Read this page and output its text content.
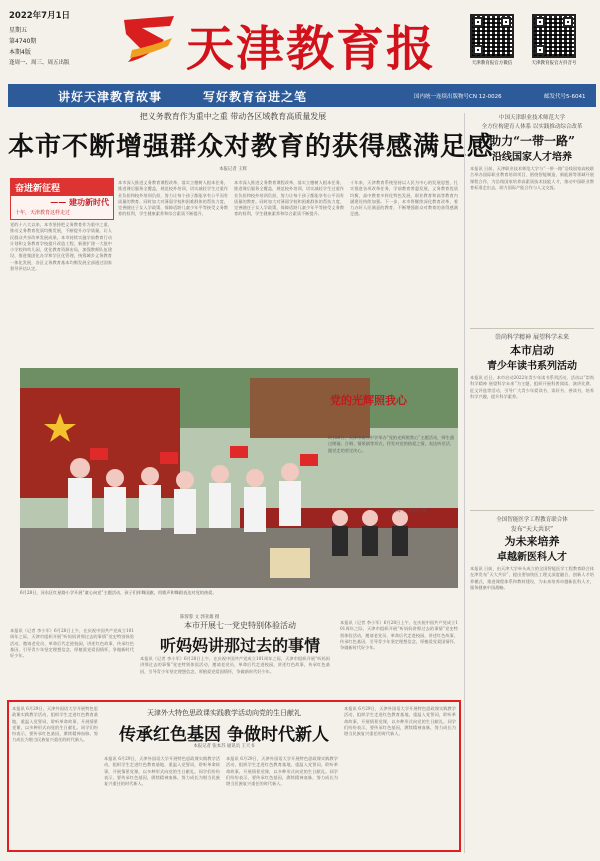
2022年7月1日
星期五
第4740期
本期4版
逢周一、周三、周五出版	天津教育报	天津教育报官方微信	天津教育报官方抖音号
讲好天津教育故事	写好教育奋进之笔	国内统一连续出版物号CN 12-0026	邮发代号5-6041
把义务教育作为重中之重 带动各区域教育高质量发展
本市不断增强群众对教育的获得感满足感
本报记者 王辉
奋进新征程
—— 建功新时代
十年，天津教育这样走过
党的十八大以来，本市坚持把义务教育作为重中之重，推动义务教育优质均衡发展，不断提升办学质量，让人民群众共享改革发展成果。本市持续实施学前教育行动计划和义务教育学校提升改造工程，新建扩建一大批中小学校和幼儿园，优化教育资源布局，加强教师队伍建设，推进集团化办学和学区化管理，统筹城乡义务教育一体化发展，各区义务教育基本均衡发展全部通过国家督导评估认定。
本市深入推进义务教育课程改革，落实立德树人根本任务，推进课后服务全覆盖，规范校外培训，切实减轻学生过重作业负担和校外培训负担，努力让每个孩子都能享有公平而有质量的教育。同时加大对薄弱学校和困难群体的帮扶力度，完善随迁子女入学政策，保障适龄儿童少年平等接受义务教育的权利，学生健康素养和综合素质不断提升。
本市深入推进义务教育课程改革，落实立德树人根本任务，推进课后服务全覆盖，规范校外培训，切实减轻学生过重作业负担和校外培训负担，努力让每个孩子都能享有公平而有质量的教育。同时加大对薄弱学校和困难群体的帮扶力度，完善随迁子女入学政策，保障适龄儿童少年平等接受义务教育的权利，学生健康素养和综合素质不断提升。
十年来，天津教育系统坚持以人民为中心的发展思想，扎实推进各项改革任务，学前教育普惠发展，义务教育优质均衡，高中教育多样化特色发展，职业教育和高等教育内涵建设持续加强。下一步，本市将继续深化教育改革，着力办好人民满意的教育，不断增强群众对教育的获得感满足感。
中国天津职业技术师范大学
全方位构建育人体系 以实践推动综合改革
助力“一带一路”
沿线国家人才培养
本报讯 日前，天津职业技术师范大学与“一带一路”沿线国家高校联合举办国际职业教育培训项目，围绕智能制造、新能源等领域开展课程合作，为沿线国家培养高素质技术技能人才，推动中国职业教育标准走出去，助力国际产能合作与人文交流。
崇尚科学精神 展望科学未来
本市启动
青少年读书系列活动
本报讯 近日，本市启动2022年青少年读书系列活动，活动以“崇尚科学精神 展望科学未来”为主题，组织开展科普阅读、演讲比赛、征文评选等活动，引导广大青少年爱读书、读好书、善读书，培养科学兴趣，提升科学素养。
全国智能医学工程教育联合体
发布“天大共识”
为未来培养
卓越新医科人才
本报讯 日前，由天津大学牵头成立的全国智能医学工程教育联合体在津发布“天大共识”，提出要加快医工理文深度融合，创新人才培养模式，推进课程体系和教材建设，为未来培养卓越新医科人才，服务健康中国战略。
党的光辉照我心
6月28日，天津市第五中学举办“党的光辉照我心”主题活动，师生通过朗诵、合唱、情景剧等形式，抒发对党的热爱之情，表达听党话、跟党走的坚定决心。
高峰 文 刘东岳 摄
6月28日，河东区红星路小学开展“童心向党”主题活动，孩子们挥舞国旗，用歌声和舞蹈表达对党的热爱。
陈蓉蓉 文 郭亚雄 摄
本报讯（记者 李小军）6月28日上午，在庆祝中国共产党成立101周年之际，天津市组织开展“听妈妈讲那过去的事情”党史特别体验活动，邀请老党员、革命后代走进校园，讲述红色故事，传承红色基因，引导青少年坚定理想信念，厚植爱党爱国情怀，争做新时代好少年。
本市开展七一党史特别体验活动
听妈妈讲那过去的事情
本报讯（记者 李小军）6月28日上午，在庆祝中国共产党成立101周年之际，天津市组织开展“听妈妈讲那过去的事情”党史特别体验活动，邀请老党员、革命后代走进校园，讲述红色故事，传承红色基因，引导青少年坚定理想信念，厚植爱党爱国情怀，争做新时代好少年。
本报讯（记者 李小军）6月28日上午，在庆祝中国共产党成立101周年之际，天津市组织开展“听妈妈讲那过去的事情”党史特别体验活动，邀请老党员、革命后代走进校园，讲述红色故事，传承红色基因，引导青少年坚定理想信念，厚植爱党爱国情怀，争做新时代好少年。
本报讯 6月29日，天津外国语大学开展特色思政课实践教学活动，组织学生走进红色教育基地，重温入党誓词，聆听革命故事，开展情景党课，以多种形式向党的生日献礼。同学们纷纷表示，要传承红色基因，赓续精神血脉，努力成长为堪当民族复兴重任的时代新人。
天津外大特色思政课实践教学活动向党的生日献礼
传承红色基因 争做时代新人
本报记者 张本苏 通讯员 王天书
本报讯 6月29日，天津外国语大学开展特色思政课实践教学活动，组织学生走进红色教育基地，重温入党誓词，聆听革命故事，开展情景党课，以多种形式向党的生日献礼。同学们纷纷表示，要传承红色基因，赓续精神血脉，努力成长为堪当民族复兴重任的时代新人。
本报讯 6月29日，天津外国语大学开展特色思政课实践教学活动，组织学生走进红色教育基地，重温入党誓词，聆听革命故事，开展情景党课，以多种形式向党的生日献礼。同学们纷纷表示，要传承红色基因，赓续精神血脉，努力成长为堪当民族复兴重任的时代新人。
本报讯 6月29日，天津外国语大学开展特色思政课实践教学活动，组织学生走进红色教育基地，重温入党誓词，聆听革命故事，开展情景党课，以多种形式向党的生日献礼。同学们纷纷表示，要传承红色基因，赓续精神血脉，努力成长为堪当民族复兴重任的时代新人。
